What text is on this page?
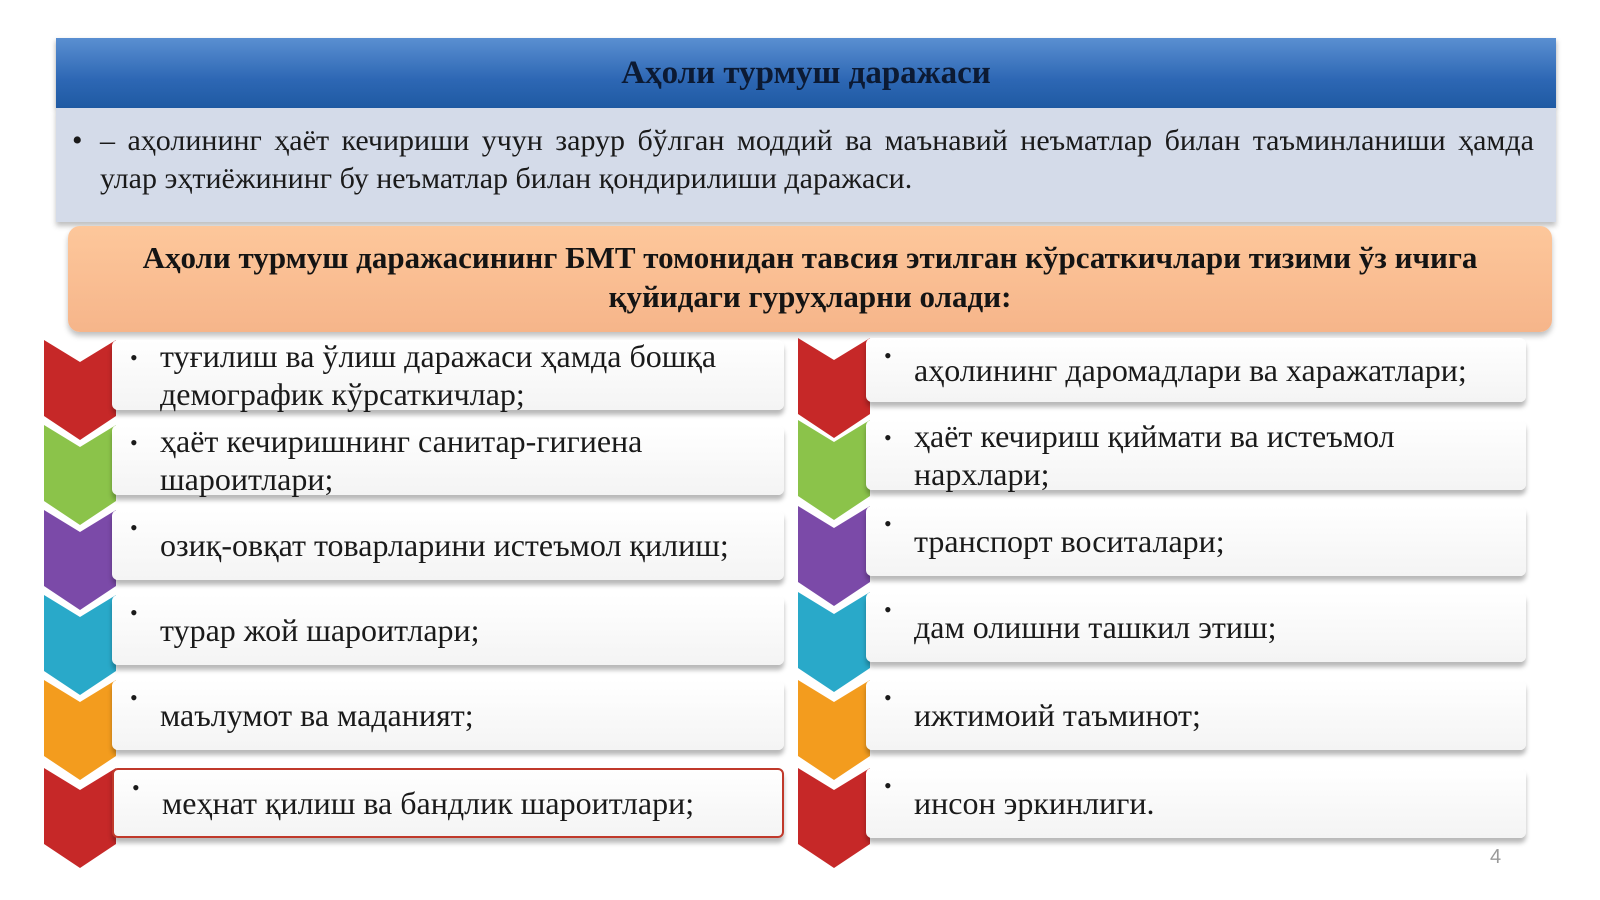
Аҳоли турмуш даражаси
• – аҳолининг ҳаёт кечириши учун зарур бўлган моддий ва маънавий неъматлар билан таъминланиши ҳамда улар эҳтиёжининг бу неъматлар билан қондирилиши даражаси.
Аҳоли турмуш даражасининг БМТ томонидан тавсия этилган кўрсаткичлари тизими ўз ичига қуйидаги гуруҳларни олади:
• туғилиш ва ўлиш даражаси ҳамда бошқа демографик кўрсаткичлар;
• ҳаёт кечиришнинг санитар-гигиена шароитлари;
• озиқ-овқат товарларини истеъмол қилиш;
• турар жой шароитлари;
• маълумот ва маданият;
• меҳнат қилиш ва бандлик шароитлари;
• аҳолининг даромадлари ва харажатлари;
• ҳаёт кечириш қиймати ва истеъмол нархлари;
• транспорт воситалари;
• дам олишни ташкил этиш;
• ижтимоий таъминот;
• инсон эркинлиги.
4
